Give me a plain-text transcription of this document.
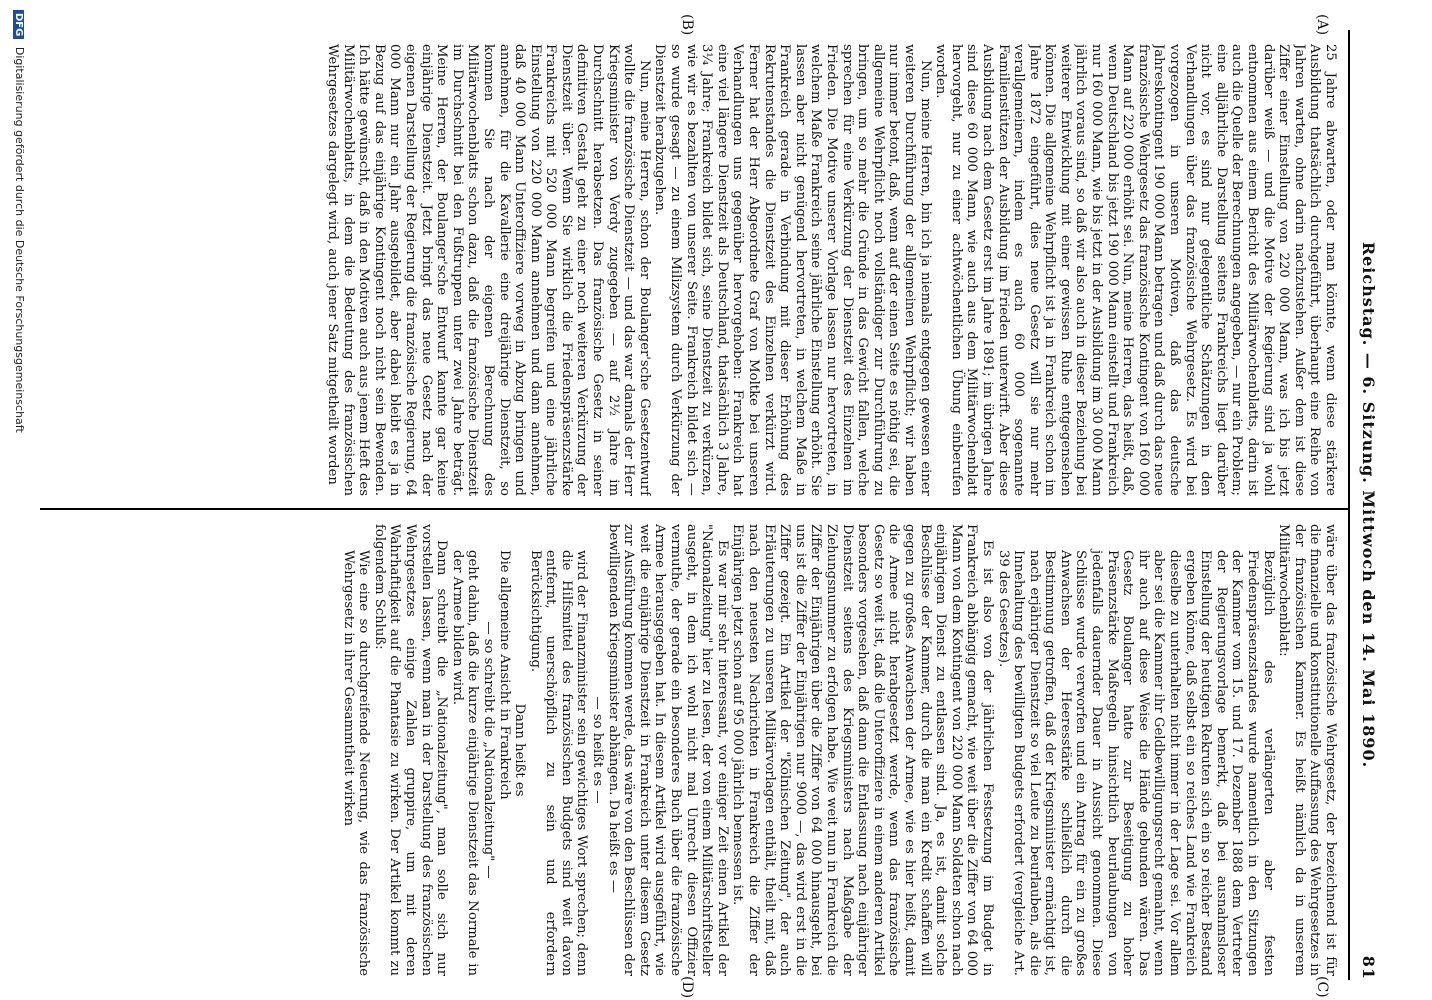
Reichstag. — 6. Sitzung. Mittwoch den 14. Mai 1890.
81
(A)
(B)
(C)
(D)

25 Jahre abwarten, oder man könnte, wenn diese stärkere Ausbildung thatsächlich durchgeführt, überhaupt eine Reihe von Jahren warten, ohne darin nachzustehen. Außer dem ist diese Ziffer einer Einstellung von 220 000 Mann, was ich bis jetzt darüber weiß — und die Motive der Regierung sind ja wohl entnommen aus einem Bericht des Militärwochenblatts, darin ist auch die Quelle der Berechnungen angegeben, — nur ein Problem; eine alljährliche Darstellung seitens Frankreichs liegt darüber nicht vor, es sind nur gelegentliche Schätzungen in den Verhandlungen über das französische Wehrgesetz. Es wird bei vorgezogen in unseren Motiven, daß das deutsche Jahreskontingent 190 000 Mann betragen und daß durch das neue französische Wehrgesetz das französische Kontingent von 160 000 Mann auf 220 000 erhöht sei. Nun, meine Herren, das heißt, daß, wenn Deutschland bis jetzt 190 000 Mann einstellt und Frankreich nur 160 000 Mann, wie bis jetzt in der Ausbildung im 30 000 Mann jährlich voraus sind, so daß wir also auch in dieser Beziehung bei weiterer Entwicklung mit einer gewissen Ruhe entgegensehen können. Die allgemeine Wehrpflicht ist ja in Frankreich schon im Jahre 1872 eingeführt, dies neue Gesetz will sie nur mehr verallgemeinern, indem es auch 60 000 sogenannte Familienstützen der Ausbildung im Frieden unterwirft. Aber diese Ausbildung nach dem Gesetz erst im Jahre 1891; im übrigen Jahre sind diese 60 000 Mann, wie auch aus dem Militärwochenblatt hervorgeht, nur zu einer achtwöchentlichen Übung einberufen worden.

Nun, meine Herren, bin ich ja niemals entgegen gewesen einer weiteren Durchführung der allgemeinen Wehrpflicht; wir haben nur immer betont, daß, wenn auf der einen Seite es nöthig sei, die allgemeine Wehrpflicht noch vollständiger zur Durchführung zu bringen, um so mehr die Gründe in das Gewicht fallen, welche sprechen für eine Verkürzung der Dienstzeit des Einzelnen im Frieden. Die Motive unserer Vorlage lassen nur hervortreten, in welchem Maße Frankreich seine jährliche Einstellung erhöht. Sie lassen aber nicht genügend hervortreten, in welchem Maße in Frankreich gerade in Verbindung mit dieser Erhöhung des Rekrutenstandes die Dienstzeit des Einzelnen verkürzt wird. Ferner hat der Herr Abgeordnete Graf von Moltke bei unseren Verhandlungen uns gegenüber hervorgehoben: Frankreich hat eine viel längere Dienstzeit als Deutschland, thatsächlich 3 Jahre, 3¼ Jahre; Frankreich bildet sich, seine Dienstzeit zu verkürzen, wie wir es bezahlten von unserer Seite. Frankreich bildet sich — so wurde gesagt — zu einem Milizsystem durch Verkürzung der Dienstzeit herabzugehen.

Nun, meine Herren, schon der Boulanger'sche Gesetzentwurf wollte die französische Dienstzeit — und das war damals der Herr Kriegsminister von Verdy zugegeben — auf 2½ Jahre im Durchschnitt herabsetzen. Das französische Gesetz in seiner definitiven Gestalt geht zu einer noch weiteren Verkürzung der Dienstzeit über. Wenn Sie wirklich die Friedenspräsenzstärke Frankreichs mit 520 000 Mann begreifen und eine jährliche Einstellung von 220 000 Mann annehmen und dann annehmen, daß 40 000 Mann Unteroffiziere vorweg in Abzug bringen und annehmen, für die Kavallerie eine dreijährige Dienstzeit, so kommen Sie nach der eigenen Berechnung des Militärwochenblatts schon dazu, daß die französische Dienstzeit im Durchschnitt bei den Fußtruppen unter zwei Jahre beträgt. Meine Herren, der Boulanger'sche Entwurf kannte gar keine einjährige Dienstzeit. Jetzt bringt das neue Gesetz nach der eigenen Darstellung der Regierung die französische Regierung, 64 000 Mann nur ein Jahr ausgebildet, aber dabei bleibt es ja in Bezug auf das einjährige Kontingent noch nicht sein Bewenden. Ich hätte gewünscht, daß in den Motiven auch aus jenem Heft des Militärwochenblatts, in dem die Bedeutung des französischen Wehrgesetzes dargelegt wird, auch jener Satz mitgetheilt worden

wäre über das französische Wehrgesetz, der bezeichnend ist für die finanzielle und konstitutionelle Auffassung des Wehrgesetzes in der französischen Kammer. Es heißt nämlich da in unserem Militärwochenblatt:

Bezüglich des verlängerten aber festen Friedenspräsenzstandes wurde namentlich in den Sitzungen der Kammer vom 15. und 17. Dezember 1888 dem Vertreter der Regierungsvorlage bemerkt, daß bei ausnahmsloser Einstellung der heutigen Rekruten sich ein so reicher Bestand ergeben könne, daß selbst ein so reiches Land wie Frankreich dieselbe zu unterhalten nicht immer in der Lage sei. Vor allem aber sei die Kammer ihr Geldbewilligungsrecht gemahnt, wenn ihr auch auf diese Weise die Hände gebunden wären. Das Gesetz Boulanger hatte zur Beseitigung zu hoher Präsenzstärke Maßregeln hinsichtlich beurlaubungen von jedenfalls dauernder Dauer in Aussicht genommen. Diese Schlüsse wurde verworfen und ein Antrag für ein zu großes Anwachsen der Heeresstärke schließlich durch die Bestimmung getroffen, daß der Kriegsminister ermächtigt ist, nach erjähriger Dienstzeit so viel Leute zu beurlauben, als die Innehaltung des bewilligten Budgets erfordert (vergleiche Art. 39 des Gesetzes).

Es ist also von der jährlichen Festsetzung im Budget in Frankreich abhängig gemacht, wie weit über die Ziffer von 64 000 Mann von dem Kontingent von 220 000 Mann Soldaten schon nach einjährigem Dienst zu entlassen sind. Ja, es ist, damit solche Beschlüsse der Kammer, durch die man ein Kredit schaffen will gegen zu großes Anwachsen der Armee, wie es hier heißt, damit die Armee nicht herabgesetzt werde, wenn das französische Gesetz so weit ist, daß die Unteroffiziere in einem anderen Artikel besonders vorgesehen, daß dann die Entlassung nach einjähriger Dienstzeit seitens des Kriegsministers nach Maßgabe der Ziehungsnummer zu erfolgen habe. Wie weit nun in Frankreich die Ziffer der Einjährigen über die Ziffer von 64 000 hinausgeht, bei uns ist die Ziffer der Einjährigen nur 9000 —, das wird erst in die Ziffer gezeigt. Ein Artikel der "Kölnischen Zeitung", der auch Erläuterungen zu unseren Militärvorlagen enthält, theilt mit, daß nach den neuesten Nachrichten in Frankreich die Ziffer der Einjährigen jetzt schon auf 95 000 jährlich bemessen ist.

Es war mir sehr interessant, vor einiger Zeit einen Artikel der "Nationalzeitung" hier zu lesen, der von einem Militärschriftsteller ausgeht, in dem ich wohl nicht mal Unrecht diesen Offizier vermuthe, der gerade ein besonderes Buch über die französische Armee herausgegeben hat. In diesem Artikel wird ausgeführt, wie weit die einjährige Dienstzeit in Frankreich unter diesem Gesetz zur Ausführung kommen werde, das wäre von den Beschlüssen der bewilligenden Kriegsminister abhängen. Da heißt es —

— so heißt es —

wird der Finanzminister sein gewichtiges Wort sprechen; denn die Hilfsmittel des französischen Budgets sind weit davon entfernt, unerschöpflich zu sein und erfordern Berücksichtigung.

Dann heißt es

Die allgemeine Ansicht in Frankreich

— so schreibt die „Nationalzeitung" —

geht dahin, daß die kurze einjährige Dienstzeit das Normale in der Armee bilden wird.

Dann schreibt die „Nationalzeitung", man solle sich nur vorstellen lassen, wenn man in der Darstellung des französischen Wehrgesetzes einige Zahlen gruppire, um mit deren Wahrhaftigkeit auf die Phantasie zu wirken. Der Artikel kommt zu folgendem Schluß:

Wie eine so durchgreifende Neuerung, wie das französische Wehrgesetz in ihrer Gesammtheit wirken

DFG Digitalisierung gefördert durch die Deutsche Forschungsgemeinschaft
